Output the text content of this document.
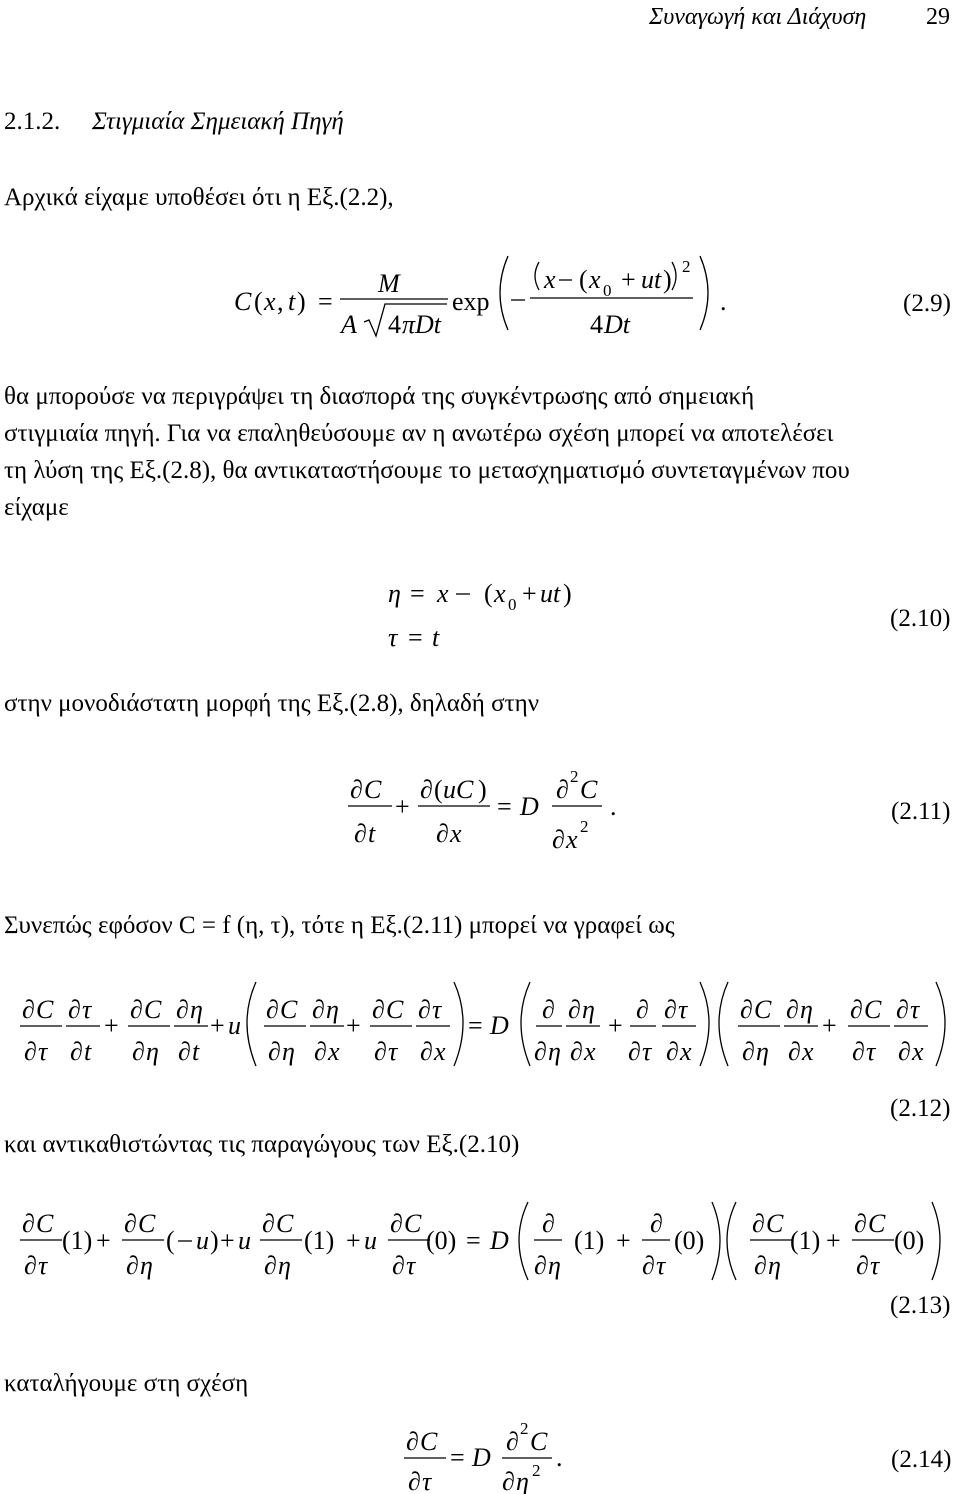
Συναγωγή και Διάχυση 29
2.1.2. Στιγμιαία Σημειακή Πηγή
Αρχικά είχαμε υποθέσει ότι η Εξ.(2.2),
C ( x , t ) =
M
A 4 πDt
exp
x ( x 0 + ut ) 2
4 Dt
.	(2.9)
θα μπορούσε να περιγράψει τη διασπορά της συγκέντρωσης από σημειακή
στιγμιαία πηγή. Για να επαληθεύσουμε αν η ανωτέρω σχέση μπορεί να αποτελέσει
τη λύση της Εξ.(2.8), θα αντικαταστήσουμε το μετασχηματισμό συντεταγμένων που
είχαμε
η = x ( x 0 + ut )
τ = t
(2.10)
στην μονοδιάστατη μορφή της Εξ.(2.8), δηλαδή στην
∂ C
∂ t
+
∂ ( uC )
∂ x
= D
∂ 2 C
∂ x 2
.	(2.11)
Συνεπώς εφόσον C = f (η, τ), τότε η Εξ.(2.11) μπορεί να γραφεί ως
∂ C
∂ τ
∂ τ
∂ t
+
∂ C
∂ η
∂ η
∂ t
+ u
∂ C
∂ η
∂ η
∂ x
+
∂ C
∂ τ
∂ τ
∂ x
= D
∂
∂ η
∂ η
∂ x
+
∂
∂ τ
∂ τ
∂ x
∂ C
∂ η
∂ η
∂ x
+
∂ C
∂ τ
∂ τ
∂ x
(2.12)
και αντικαθιστώντας τις παραγώγους των Εξ.(2.10)
∂ C
∂ τ
(1) +
∂ C
∂ η
( u ) + u
∂ C
∂ η
(1) + u
∂ C
∂ τ
(0) = D
∂
∂ η
(1) +
∂
∂ τ
(0)
∂ C
∂ η
(1) +
∂ C
∂ τ
(0)
(2.13)
καταλήγουμε στη σχέση
∂ C
∂ τ
= D
∂ 2 C
∂ η 2 .	(2.14)
